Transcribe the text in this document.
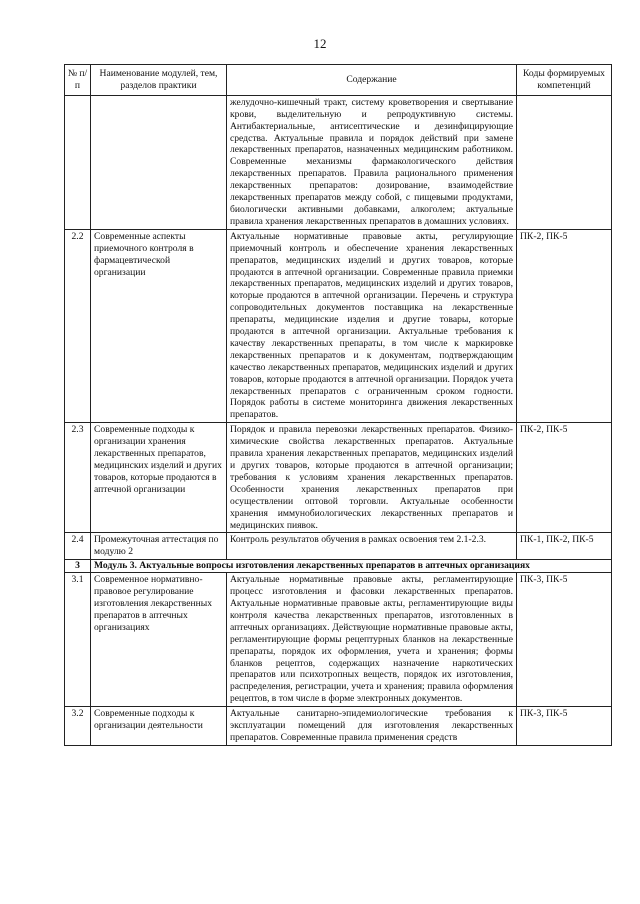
12
№ п/п	Наименование модулей, тем, разделов практики	Содержание	Коды формируемых компетенций
		желудочно-кишечный тракт, систему кроветворения и свертывание крови, выделительную и репродуктивную системы. Антибактериальные, антисептические и дезинфицирующие средства. Актуальные правила и порядок действий при замене лекарственных препаратов, назначенных медицинским работником. Современные механизмы фармакологического действия лекарственных препаратов. Правила рационального применения лекарственных препаратов: дозирование, взаимодействие лекарственных препаратов между собой, с пищевыми продуктами, биологически активными добавками, алкоголем; актуальные правила хранения лекарственных препаратов в домашних условиях.	
2.2	Современные аспекты приемочного контроля в фармацевтической организации	Актуальные нормативные правовые акты, регулирующие приемочный контроль и обеспечение хранения лекарственных препаратов, медицинских изделий и других товаров, которые продаются в аптечной организации. Современные правила приемки лекарственных препаратов, медицинских изделий и других товаров, которые продаются в аптечной организации. Перечень и структура сопроводительных документов поставщика на лекарственные препараты, медицинские изделия и другие товары, которые продаются в аптечной организации. Актуальные требования к качеству лекарственных препараты, в том числе к маркировке лекарственных препаратов и к документам, подтверждающим качество лекарственных препаратов, медицинских изделий и других товаров, которые продаются в аптечной организации. Порядок учета лекарственных препаратов с ограниченным сроком годности. Порядок работы в системе мониторинга движения лекарственных препаратов.	ПК-2, ПК-5
2.3	Современные подходы к организации хранения лекарственных препаратов, медицинских изделий и других товаров, которые продаются в аптечной организации	Порядок и правила перевозки лекарственных препаратов. Физико-химические свойства лекарственных препаратов. Актуальные правила хранения лекарственных препаратов, медицинских изделий и других товаров, которые продаются в аптечной организации; требования к условиям хранения лекарственных препаратов. Особенности хранения лекарственных препаратов при осуществлении оптовой торговли. Актуальные особенности хранения иммунобиологических лекарственных препаратов и медицинских пиявок.	ПК-2, ПК-5
2.4	Промежуточная аттестация по модулю 2	Контроль результатов обучения в рамках освоения тем 2.1-2.3.	ПК-1, ПК-2, ПК-5
3	Модуль 3. Актуальные вопросы изготовления лекарственных препаратов в аптечных организациях		
3.1	Современное нормативно-правовое регулирование изготовления лекарственных препаратов в аптечных организациях	Актуальные нормативные правовые акты, регламентирующие процесс изготовления и фасовки лекарственных препаратов. Актуальные нормативные правовые акты, регламентирующие виды контроля качества лекарственных препаратов, изготовленных в аптечных организациях. Действующие нормативные правовые акты, регламентирующие формы рецептурных бланков на лекарственные препараты, порядок их оформления, учета и хранения; формы бланков рецептов, содержащих назначение наркотических препаратов или психотропных веществ, порядок их изготовления, распределения, регистрации, учета и хранения; правила оформления рецептов, в том числе в форме электронных документов.	ПК-3, ПК-5
3.2	Современные подходы к организации деятельности	Актуальные санитарно-эпидемиологические требования к эксплуатации помещений для изготовления лекарственных препаратов. Современные правила применения средств	ПК-3, ПК-5
